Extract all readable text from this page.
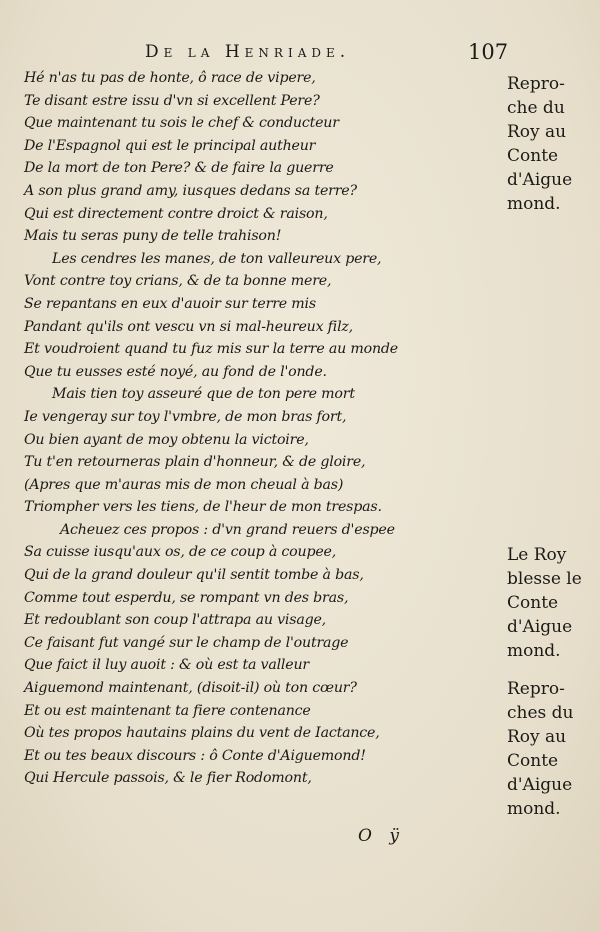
De la Henriade.	107
Hé n'as tu pas de honte, ô race de vipere,
Te disant estre issu d'vn si excellent Pere?
Que maintenant tu sois le chef & conducteur
De l'Espagnol qui est le principal autheur
De la mort de ton Pere? & de faire la guerre
A son plus grand amy, iusques dedans sa terre?
Qui est directement contre droict & raison,
Mais tu seras puny de telle trahison!
Les cendres les manes, de ton valleureux pere,
Vont contre toy crians, & de ta bonne mere,
Se repantans en eux d'auoir sur terre mis
Pandant qu'ils ont vescu vn si mal-heureux filz,
Et voudroient quand tu fuz mis sur la terre au monde
Que tu eusses esté noyé, au fond de l'onde.
Mais tien toy asseuré que de ton pere mort
Ie vengeray sur toy l'vmbre, de mon bras fort,
Ou bien ayant de moy obtenu la victoire,
Tu t'en retourneras plain d'honneur, & de gloire,
(Apres que m'auras mis de mon cheual à bas)
Triompher vers les tiens, de l'heur de mon trespas.
Acheuez ces propos : d'vn grand reuers d'espee
Sa cuisse iusqu'aux os, de ce coup à coupee,
Qui de la grand douleur qu'il sentit tombe à bas,
Comme tout esperdu, se rompant vn des bras,
Et redoublant son coup l'attrapa au visage,
Ce faisant fut vangé sur le champ de l'outrage
Que faict il luy auoit : & où est ta valleur
Aiguemond maintenant, (disoit-il) où ton cœur?
Et ou est maintenant ta fiere contenance
Où tes propos hautains plains du vent de Iactance,
Et ou tes beaux discours : ô Conte d'Aiguemond!
Qui Hercule passois, & le fier Rodomont,
Repro-
che du
Roy au
Conte
d'Aigue
mond.
Le Roy
blesse le
Conte
d'Aigue
mond.
Repro-
ches du
Roy au
Conte
d'Aigue
mond.
O ÿ
